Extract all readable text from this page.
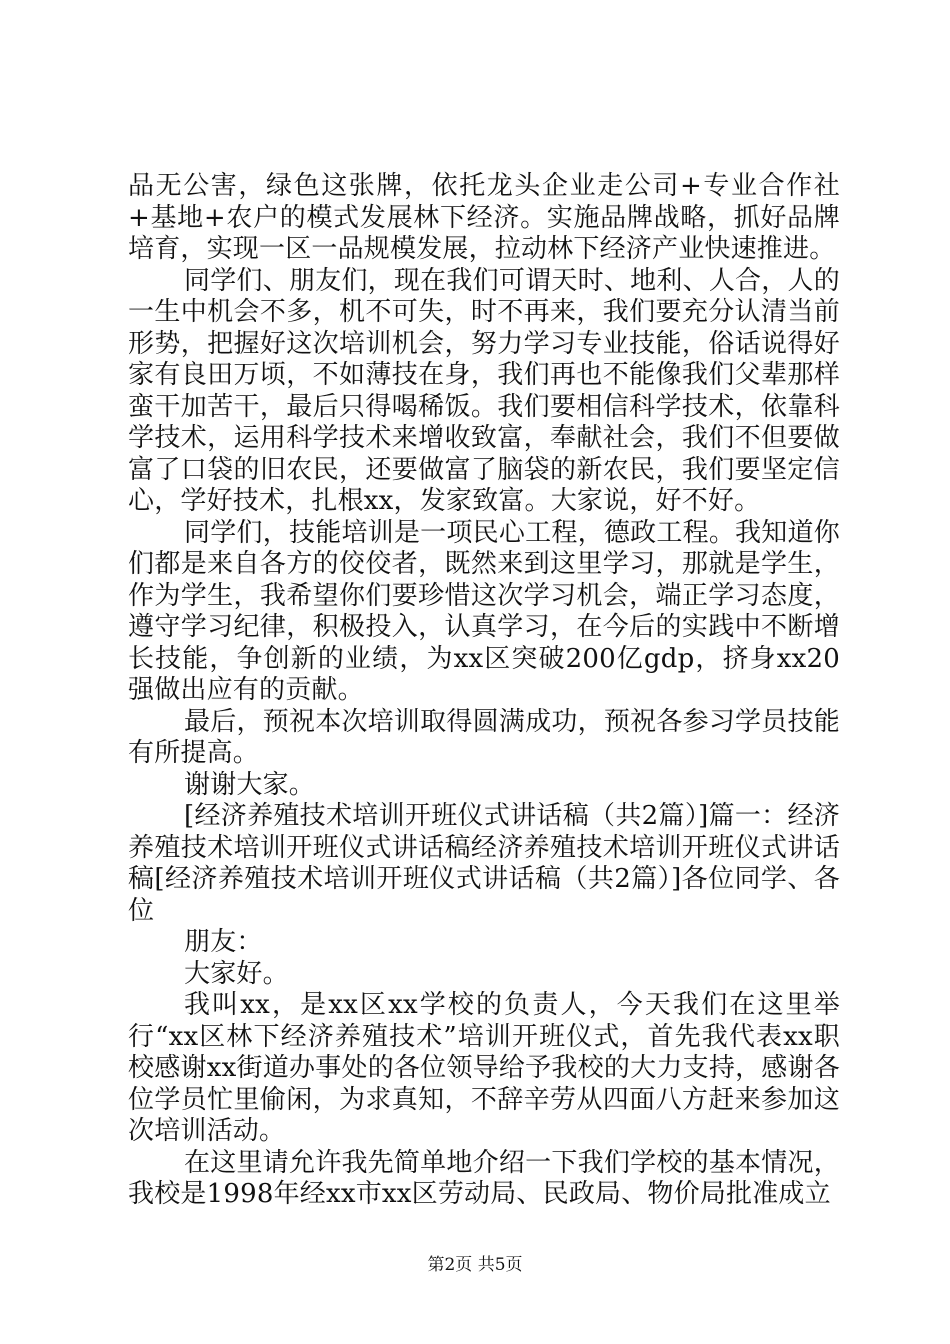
品无公害，绿色这张牌，依托龙头企业走公司+专业合作社+基地+农户的模式发展林下经济。实施品牌战略，抓好品牌培育，实现一区一品规模发展，拉动林下经济产业快速推进。

同学们、朋友们，现在我们可谓天时、地利、人合，人的一生中机会不多，机不可失，时不再来，我们要充分认清当前形势，把握好这次培训机会，努力学习专业技能，俗话说得好家有良田万顷，不如薄技在身，我们再也不能像我们父辈那样蛮干加苦干，最后只得喝稀饭。我们要相信科学技术，依靠科学技术，运用科学技术来增收致富，奉献社会，我们不但要做富了口袋的旧农民，还要做富了脑袋的新农民，我们要坚定信心，学好技术，扎根xx，发家致富。大家说，好不好。

同学们，技能培训是一项民心工程，德政工程。我知道你们都是来自各方的佼佼者，既然来到这里学习，那就是学生，作为学生，我希望你们要珍惜这次学习机会，端正学习态度，遵守学习纪律，积极投入，认真学习，在今后的实践中不断增长技能，争创新的业绩，为xx区突破200亿gdp，挤身xx20强做出应有的贡献。

最后，预祝本次培训取得圆满成功，预祝各参习学员技能有所提高。

谢谢大家。

[经济养殖技术培训开班仪式讲话稿（共2篇）]篇一：经济养殖技术培训开班仪式讲话稿经济养殖技术培训开班仪式讲话稿[经济养殖技术培训开班仪式讲话稿（共2篇）]各位同学、各位

朋友：

大家好。

我叫xx，是xx区xx学校的负责人，今天我们在这里举行“xx区林下经济养殖技术”培训开班仪式，首先我代表xx职校感谢xx街道办事处的各位领导给予我校的大力支持，感谢各位学员忙里偷闲，为求真知，不辞辛劳从四面八方赶来参加这次培训活动。

在这里请允许我先简单地介绍一下我们学校的基本情况，我校是1998年经xx市xx区劳动局、民政局、物价局批准成立

第2页 共5页
